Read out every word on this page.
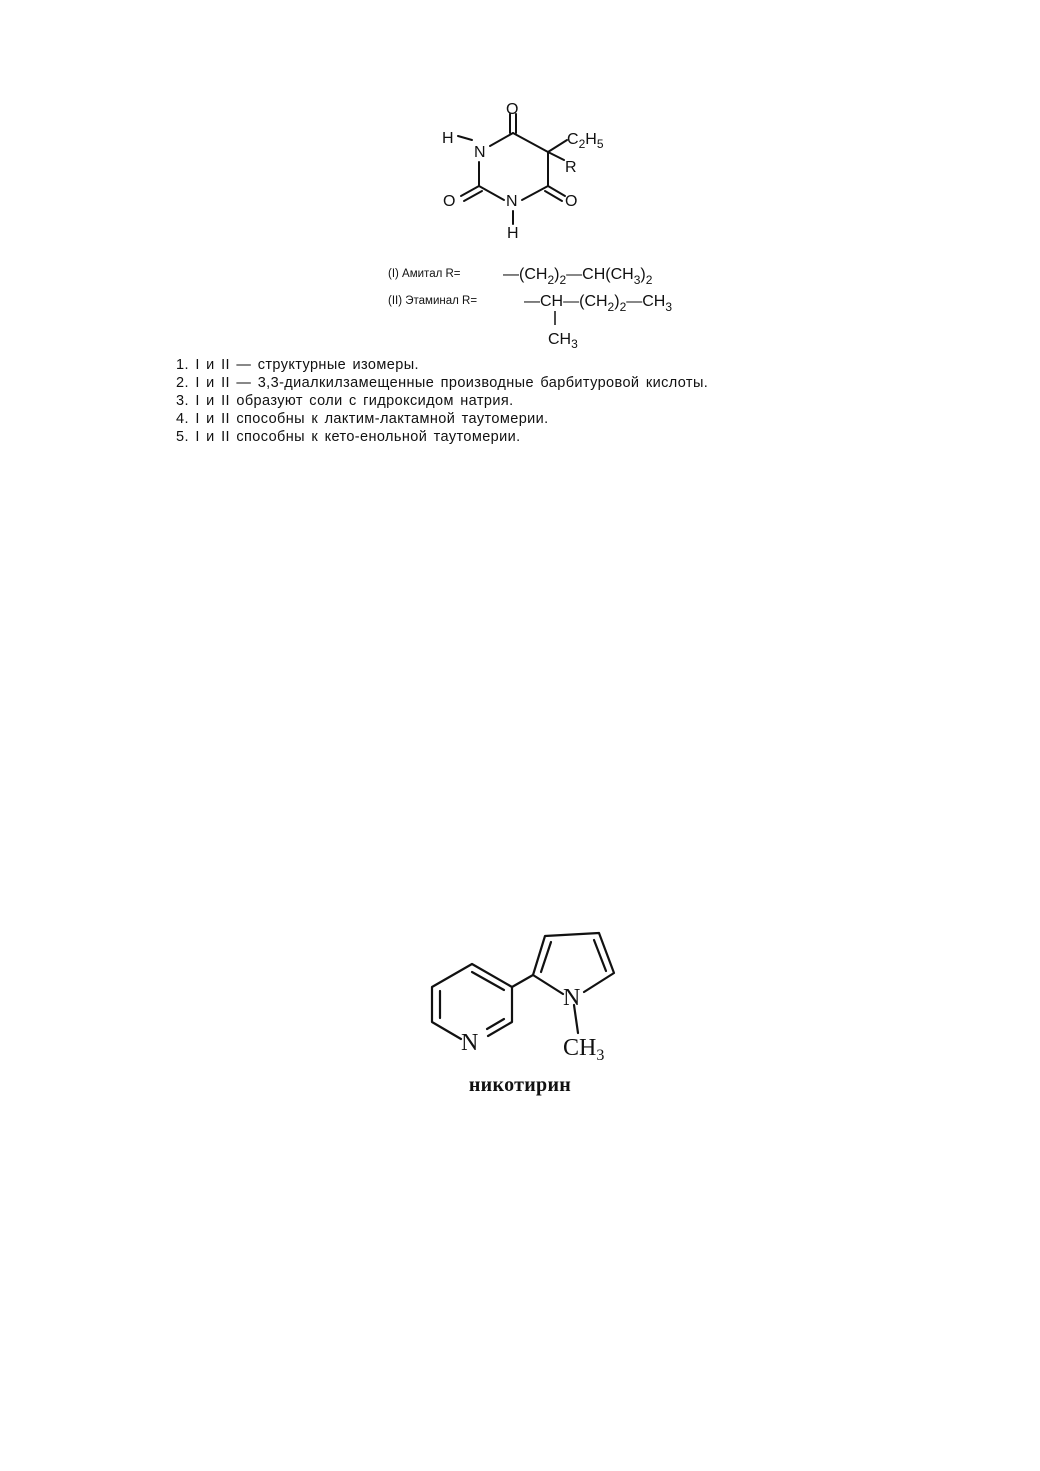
O
O	O
N
N
H
H
R
$C_2H_5$
(I) Амитал R=	$—(CH_2)_2—CH(CH_3)_2$
(II) Этаминал R=	$—CH—(CH_2)_2—CH_3$
$CH_3$
1. I и II — структурные изомеры.
2. I и II — 3,3-диалкилзамещенные производные барбитуровой кислоты.
3. I и II образуют соли с гидроксидом натрия.
4. I и II способны к лактим-лактамной таутомерии.
5. I и II способны к кето-енольной таутомерии.
N
N
$CH_3$
никотирин
